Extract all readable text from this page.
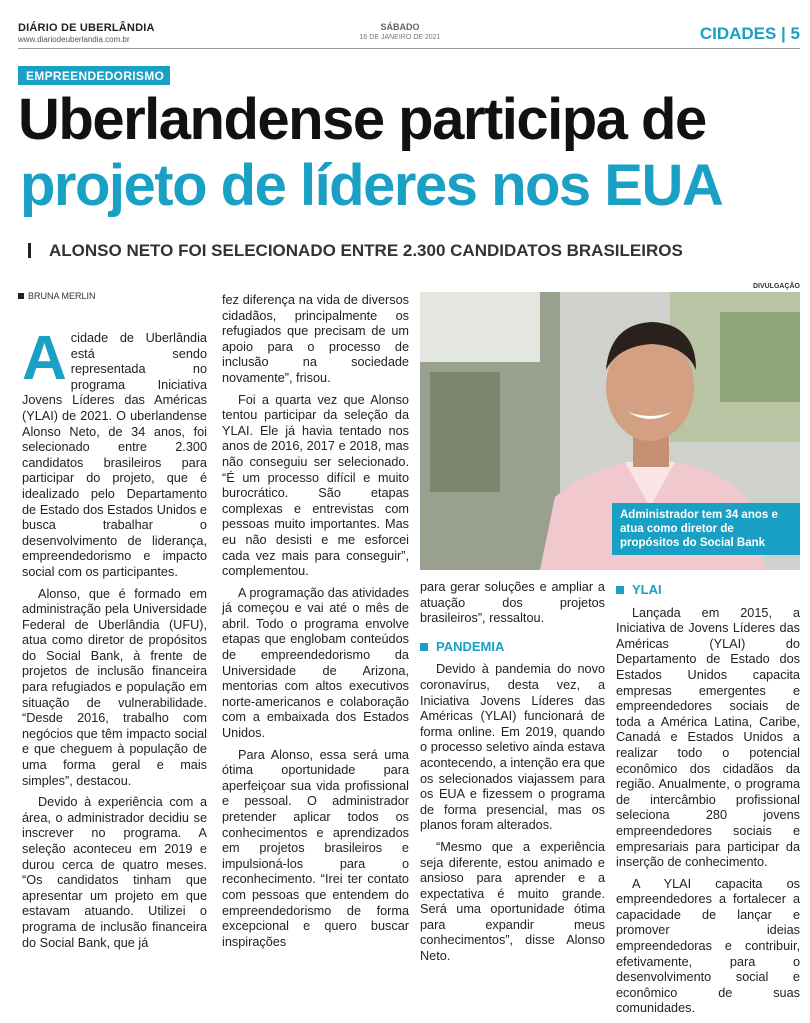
DIÁRIO DE UBERLÂNDIA
www.diariodeuberlandia.com.br
SÁBADO
16 DE JANEIRO DE 2021	CIDADES | 5
EMPREENDEDORISMO
Uberlandense participa de
projeto de líderes nos EUA
ALONSO NETO FOI SELECIONADO ENTRE 2.300 CANDIDATOS BRASILEIROS
BRUNA MERLIN

Acidade de Uberlândia está sendo representada no programa Iniciativa Jovens Líderes das Américas (YLAI) de 2021. O uberlandense Alonso Neto, de 34 anos, foi selecionado entre 2.300 candidatos brasileiros para participar do projeto, que é idealizado pelo Departamento de Estado dos Estados Unidos e busca trabalhar o desenvolvimento de liderança, empreendedorismo e impacto social com os participantes.

Alonso, que é formado em administração pela Universidade Federal de Uberlândia (UFU), atua como diretor de propósitos do Social Bank, à frente de projetos de inclusão financeira para refugiados e população em situação de vulnerabilidade. “Desde 2016, trabalho com negócios que têm impacto social e que cheguem à população de uma forma geral e mais simples”, destacou.

Devido à experiência com a área, o administrador decidiu se inscrever no programa. A seleção aconteceu em 2019 e durou cerca de quatro meses. “Os candidatos tinham que apresentar um projeto em que estavam atuando. Utilizei o programa de inclusão financeira do Social Bank, que já

fez diferença na vida de diversos cidadãos, principalmente os refugiados que precisam de um apoio para o processo de inclusão na sociedade novamente”, frisou.

Foi a quarta vez que Alonso tentou participar da seleção da YLAI. Ele já havia tentado nos anos de 2016, 2017 e 2018, mas não conseguiu ser selecionado. “É um processo difícil e muito burocrático. São etapas complexas e entrevistas com pessoas muito importantes. Mas eu não desisti e me esforcei cada vez mais para conseguir”, complementou.

A programação das atividades já começou e vai até o mês de abril. Todo o programa envolve etapas que englobam conteúdos de empreendedorismo da Universidade de Arizona, mentorias com altos executivos norte-americanos e colaboração com a embaixada dos Estados Unidos.

Para Alonso, essa será uma ótima oportunidade para aperfeiçoar sua vida profissional e pessoal. O administrador pretender aplicar todos os conhecimentos e aprendizados em projetos brasileiros e impulsioná-los para o reconhecimento. “Irei ter contato com pessoas que entendem do empreendedorismo de forma excepcional e quero buscar inspirações

DIVULGAÇÃO
Administrador tem 34 anos e atua como diretor de propósitos do Social Bank

para gerar soluções e ampliar a atuação dos projetos brasileiros”, ressaltou.

PANDEMIA

Devido à pandemia do novo coronavírus, desta vez, a Iniciativa Jovens Líderes das Américas (YLAI) funcionará de forma online. Em 2019, quando o processo seletivo ainda estava acontecendo, a intenção era que os selecionados viajassem para os EUA e fizessem o programa de forma presencial, mas os planos foram alterados.

“Mesmo que a experiência seja diferente, estou animado e ansioso para aprender e a expectativa é muito grande. Será uma oportunidade ótima para expandir meus conhecimentos”, disse Alonso Neto.

YLAI

Lançada em 2015, a Iniciativa de Jovens Líderes das Américas (YLAI) do Departamento de Estado dos Estados Unidos capacita empresas emergentes e empreendedores sociais de toda a América Latina, Caribe, Canadá e Estados Unidos a realizar todo o potencial econômico dos cidadãos da região. Anualmente, o programa de intercâmbio profissional seleciona 280 jovens empreendedores sociais e empresariais para participar da inserção de conhecimento.

A YLAI capacita os empreendedores a fortalecer a capacidade de lançar e promover ideias empreendedoras e contribuir, efetivamente, para o desenvolvimento social e econômico de suas comunidades.
